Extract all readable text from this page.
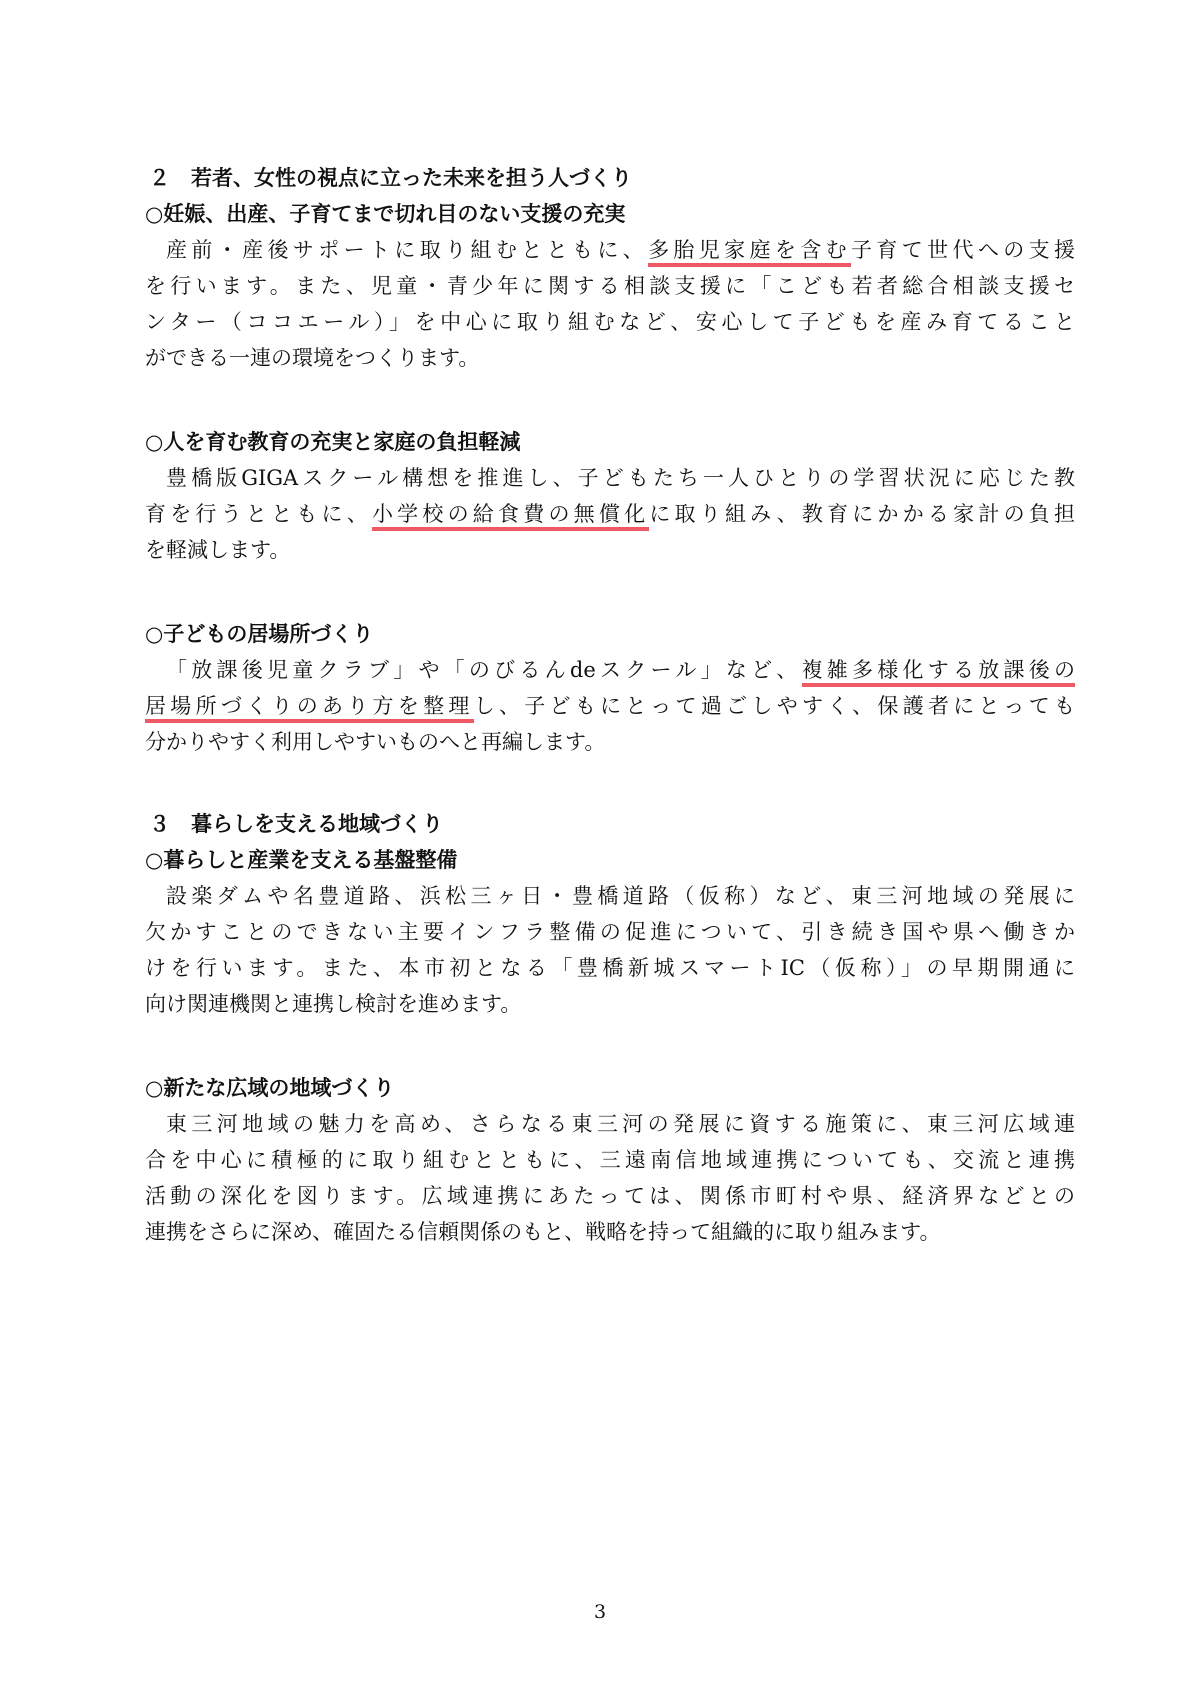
２　若者、女性の視点に立った未来を担う人づくり
○妊娠、出産、子育てまで切れ目のない支援の充実
産前・産後サポートに取り組むとともに、多胎児家庭を含む子育て世代への支援
を行います。また、児童・青少年に関する相談支援に「こども若者総合相談支援セ
ンター（ココエール）」を中心に取り組むなど、安心して子どもを産み育てること
ができる一連の環境をつくります。
○人を育む教育の充実と家庭の負担軽減
豊橋版GIGAスクール構想を推進し、子どもたち一人ひとりの学習状況に応じた教
育を行うとともに、小学校の給食費の無償化に取り組み、教育にかかる家計の負担
を軽減します。
○子どもの居場所づくり
「放課後児童クラブ」や「のびるんdeスクール」など、複雑多様化する放課後の
居場所づくりのあり方を整理し、子どもにとって過ごしやすく、保護者にとっても
分かりやすく利用しやすいものへと再編します。
３　暮らしを支える地域づくり
○暮らしと産業を支える基盤整備
設楽ダムや名豊道路、浜松三ヶ日・豊橋道路（仮称）など、東三河地域の発展に
欠かすことのできない主要インフラ整備の促進について、引き続き国や県へ働きか
けを行います。また、本市初となる「豊橋新城スマートIC（仮称）」の早期開通に
向け関連機関と連携し検討を進めます。
○新たな広域の地域づくり
東三河地域の魅力を高め、さらなる東三河の発展に資する施策に、東三河広域連
合を中心に積極的に取り組むとともに、三遠南信地域連携についても、交流と連携
活動の深化を図ります。広域連携にあたっては、関係市町村や県、経済界などとの
連携をさらに深め、確固たる信頼関係のもと、戦略を持って組織的に取り組みます。
3
